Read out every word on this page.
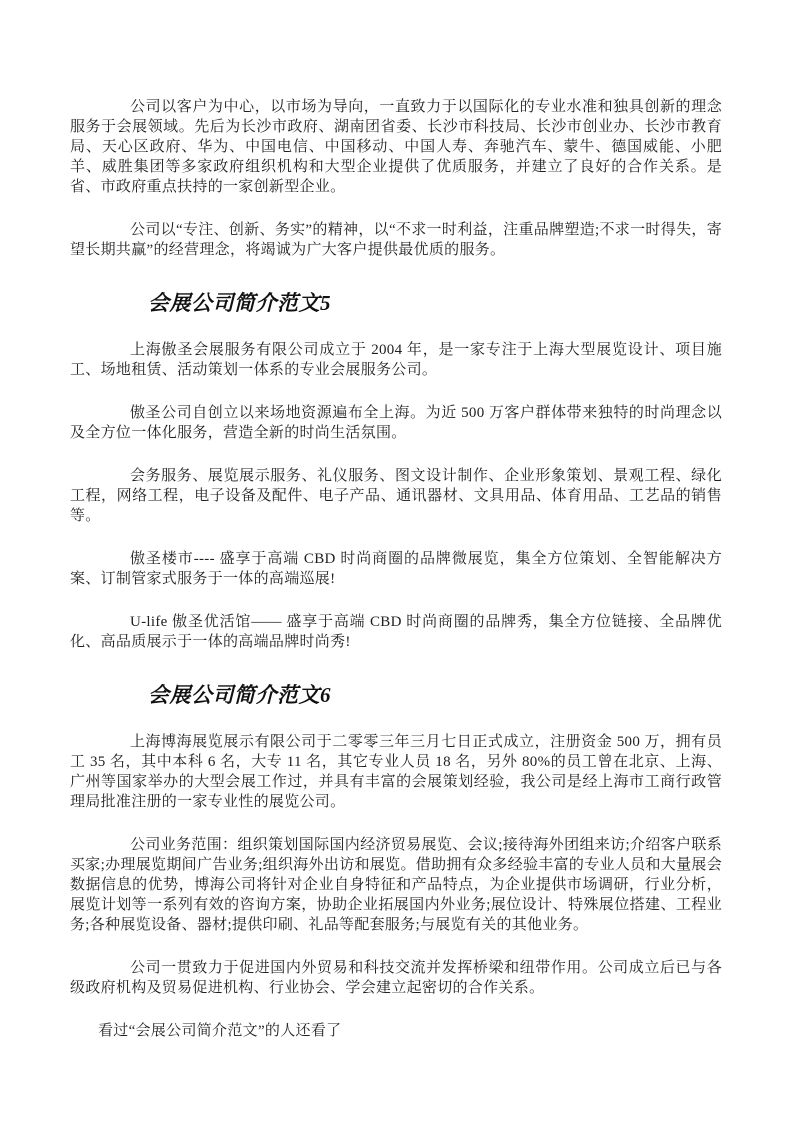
公司以客户为中心，以市场为导向，一直致力于以国际化的专业水准和独具创新的理念服务于会展领域。先后为长沙市政府、湖南团省委、长沙市科技局、长沙市创业办、长沙市教育局、天心区政府、华为、中国电信、中国移动、中国人寿、奔驰汽车、蒙牛、德国威能、小肥羊、威胜集团等多家政府组织机构和大型企业提供了优质服务，并建立了良好的合作关系。是省、市政府重点扶持的一家创新型企业。

公司以“专注、创新、务实”的精神，以“不求一时利益，注重品牌塑造;不求一时得失，寄望长期共赢”的经营理念，将竭诚为广大客户提供最优质的服务。

会展公司简介范文5

上海傲圣会展服务有限公司成立于 2004 年，是一家专注于上海大型展览设计、项目施工、场地租赁、活动策划一体系的专业会展服务公司。

傲圣公司自创立以来场地资源遍布全上海。为近 500 万客户群体带来独特的时尚理念以及全方位一体化服务，营造全新的时尚生活氛围。

会务服务、展览展示服务、礼仪服务、图文设计制作、企业形象策划、景观工程、绿化工程，网络工程，电子设备及配件、电子产品、通讯器材、文具用品、体育用品、工艺品的销售等。

傲圣楼市---- 盛享于高端 CBD 时尚商圈的品牌微展览，集全方位策划、全智能解决方案、订制管家式服务于一体的高端巡展!

U-life 傲圣优活馆—— 盛享于高端 CBD 时尚商圈的品牌秀，集全方位链接、全品牌优化、高品质展示于一体的高端品牌时尚秀!

会展公司简介范文6

上海博海展览展示有限公司于二零零三年三月七日正式成立，注册资金 500 万，拥有员工 35 名，其中本科 6 名，大专 11 名，其它专业人员 18 名，另外 80%的员工曾在北京、上海、广州等国家举办的大型会展工作过，并具有丰富的会展策划经验，我公司是经上海市工商行政管理局批准注册的一家专业性的展览公司。

公司业务范围：组织策划国际国内经济贸易展览、会议;接待海外团组来访;介绍客户联系买家;办理展览期间广告业务;组织海外出访和展览。借助拥有众多经验丰富的专业人员和大量展会数据信息的优势，博海公司将针对企业自身特征和产品特点，为企业提供市场调研，行业分析，展览计划等一系列有效的咨询方案，协助企业拓展国内外业务;展位设计、特殊展位搭建、工程业务;各种展览设备、器材;提供印刷、礼品等配套服务;与展览有关的其他业务。

公司一贯致力于促进国内外贸易和科技交流并发挥桥梁和纽带作用。公司成立后已与各级政府机构及贸易促进机构、行业协会、学会建立起密切的合作关系。

看过“会展公司简介范文”的人还看了
